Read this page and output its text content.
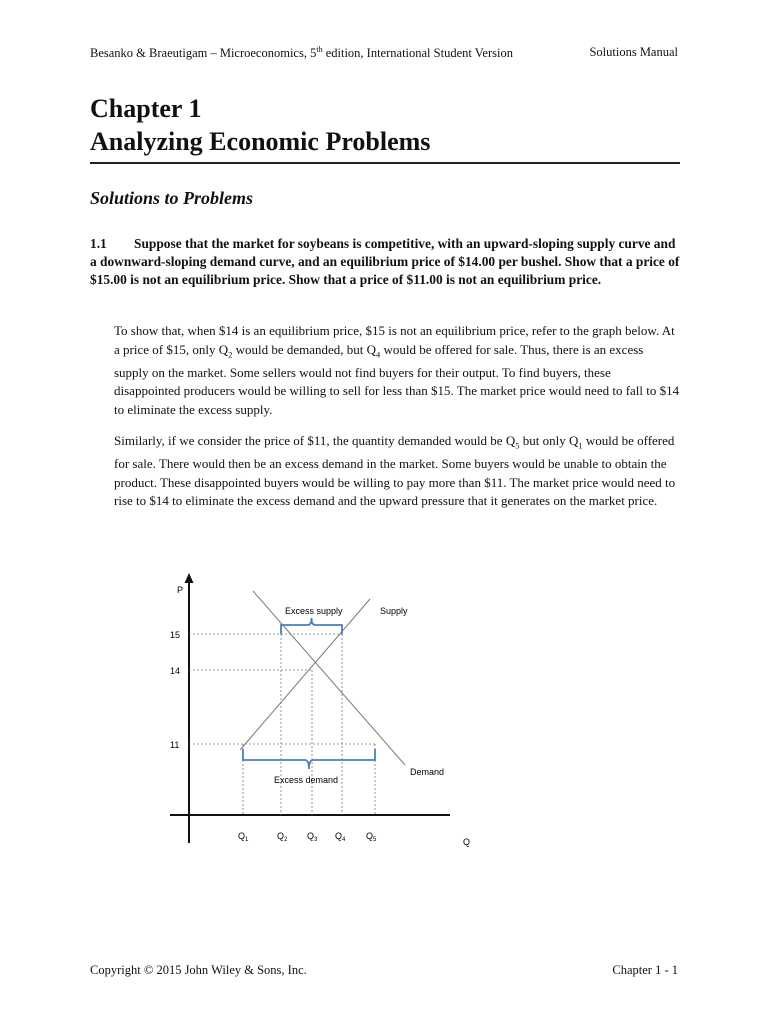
Besanko & Braeutigam – Microeconomics, 5th edition, International Student Version	Solutions Manual
Chapter 1
Analyzing Economic Problems
Solutions to Problems
1.1 Suppose that the market for soybeans is competitive, with an upward-sloping supply curve and a downward-sloping demand curve, and an equilibrium price of $14.00 per bushel. Show that a price of $15.00 is not an equilibrium price. Show that a price of $11.00 is not an equilibrium price.
To show that, when $14 is an equilibrium price, $15 is not an equilibrium price, refer to the graph below. At a price of $15, only $Q_2$ would be demanded, but $Q_4$ would be offered for sale. Thus, there is an excess supply on the market. Some sellers would not find buyers for their output. To find buyers, these disappointed producers would be willing to sell for less than $15. The market price would need to fall to $14 to eliminate the excess supply.
Similarly, if we consider the price of $11, the quantity demanded would be $Q_5$ but only $Q_1$ would be offered for sale. There would then be an excess demand in the market. Some buyers would be unable to obtain the product. These disappointed buyers would be willing to pay more than $11. The market price would need to rise to $14 to eliminate the excess demand and the upward pressure that it generates on the market price.
P
Q
15
14
11
Excess supply	Supply
Demand
Excess demand
$Q_1$	$Q_2$ $Q_3$ $Q_4$ $Q_5$
Copyright © 2015 John Wiley & Sons, Inc.	Chapter 1 - 1
